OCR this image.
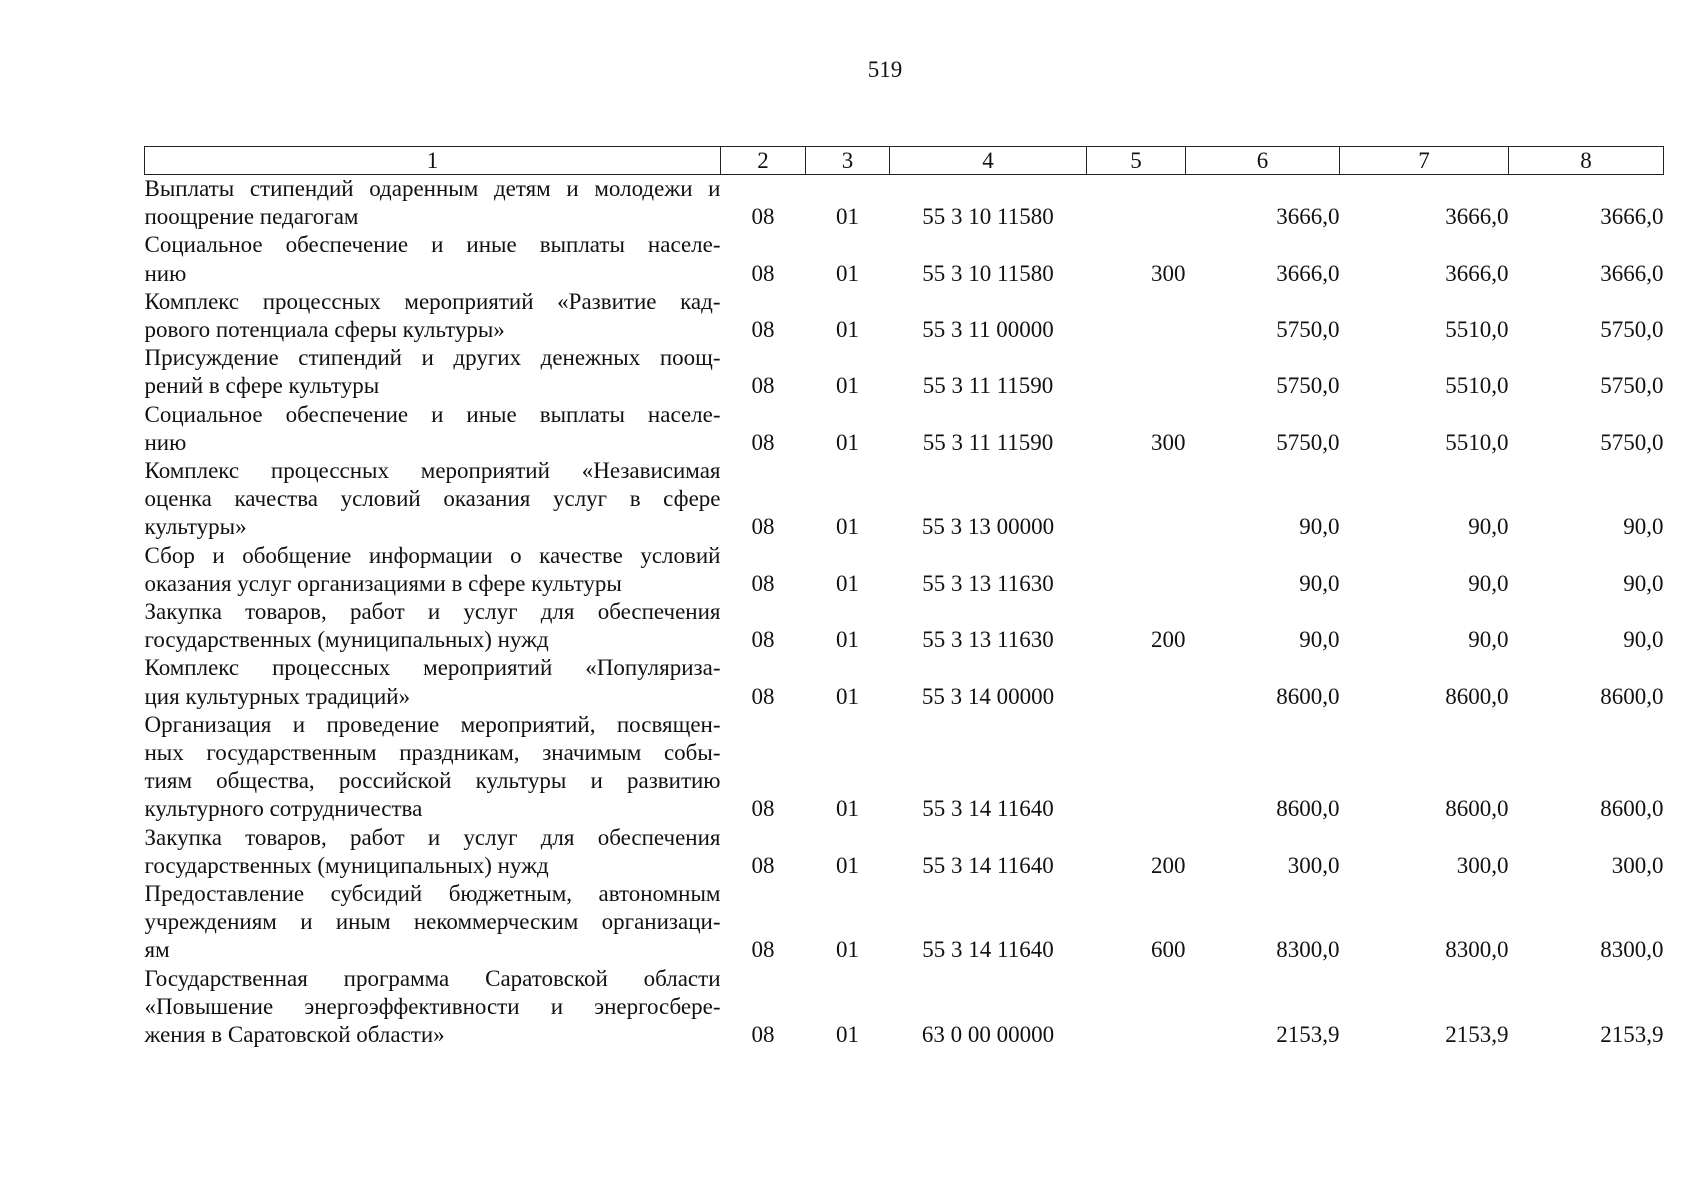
519
1	2	3	4	5	6	7	8

Выплаты стипендий одаренным детям и молодежи и
поощрение педагогам	08	01	55 3 10 11580		3666,0	3666,0	3666,0

Социальное обеспечение и иные выплаты населе-
нию	08	01	55 3 10 11580	300	3666,0	3666,0	3666,0

Комплекс процессных мероприятий «Развитие кад-
рового потенциала сферы культуры»	08	01	55 3 11 00000		5750,0	5510,0	5750,0

Присуждение стипендий и других денежных поощ-
рений в сфере культуры	08	01	55 3 11 11590		5750,0	5510,0	5750,0

Социальное обеспечение и иные выплаты населе-
нию	08	01	55 3 11 11590	300	5750,0	5510,0	5750,0

Комплекс процессных мероприятий «Независимая
оценка качества условий оказания услуг в сфере
культуры»	08	01	55 3 13 00000		90,0	90,0	90,0

Сбор и обобщение информации о качестве условий
оказания услуг организациями в сфере культуры	08	01	55 3 13 11630		90,0	90,0	90,0

Закупка товаров, работ и услуг для обеспечения
государственных (муниципальных) нужд	08	01	55 3 13 11630	200	90,0	90,0	90,0

Комплекс процессных мероприятий «Популяриза-
ция культурных традиций»	08	01	55 3 14 00000		8600,0	8600,0	8600,0

Организация и проведение мероприятий, посвящен-
ных государственным праздникам, значимым собы-
тиям общества, российской культуры и развитию
культурного сотрудничества	08	01	55 3 14 11640		8600,0	8600,0	8600,0

Закупка товаров, работ и услуг для обеспечения
государственных (муниципальных) нужд	08	01	55 3 14 11640	200	300,0	300,0	300,0

Предоставление субсидий бюджетным, автономным
учреждениям и иным некоммерческим организаци-
ям	08	01	55 3 14 11640	600	8300,0	8300,0	8300,0

Государственная программа Саратовской области
«Повышение энергоэффективности и энергосбере-
жения в Саратовской области»	08	01	63 0 00 00000		2153,9	2153,9	2153,9
